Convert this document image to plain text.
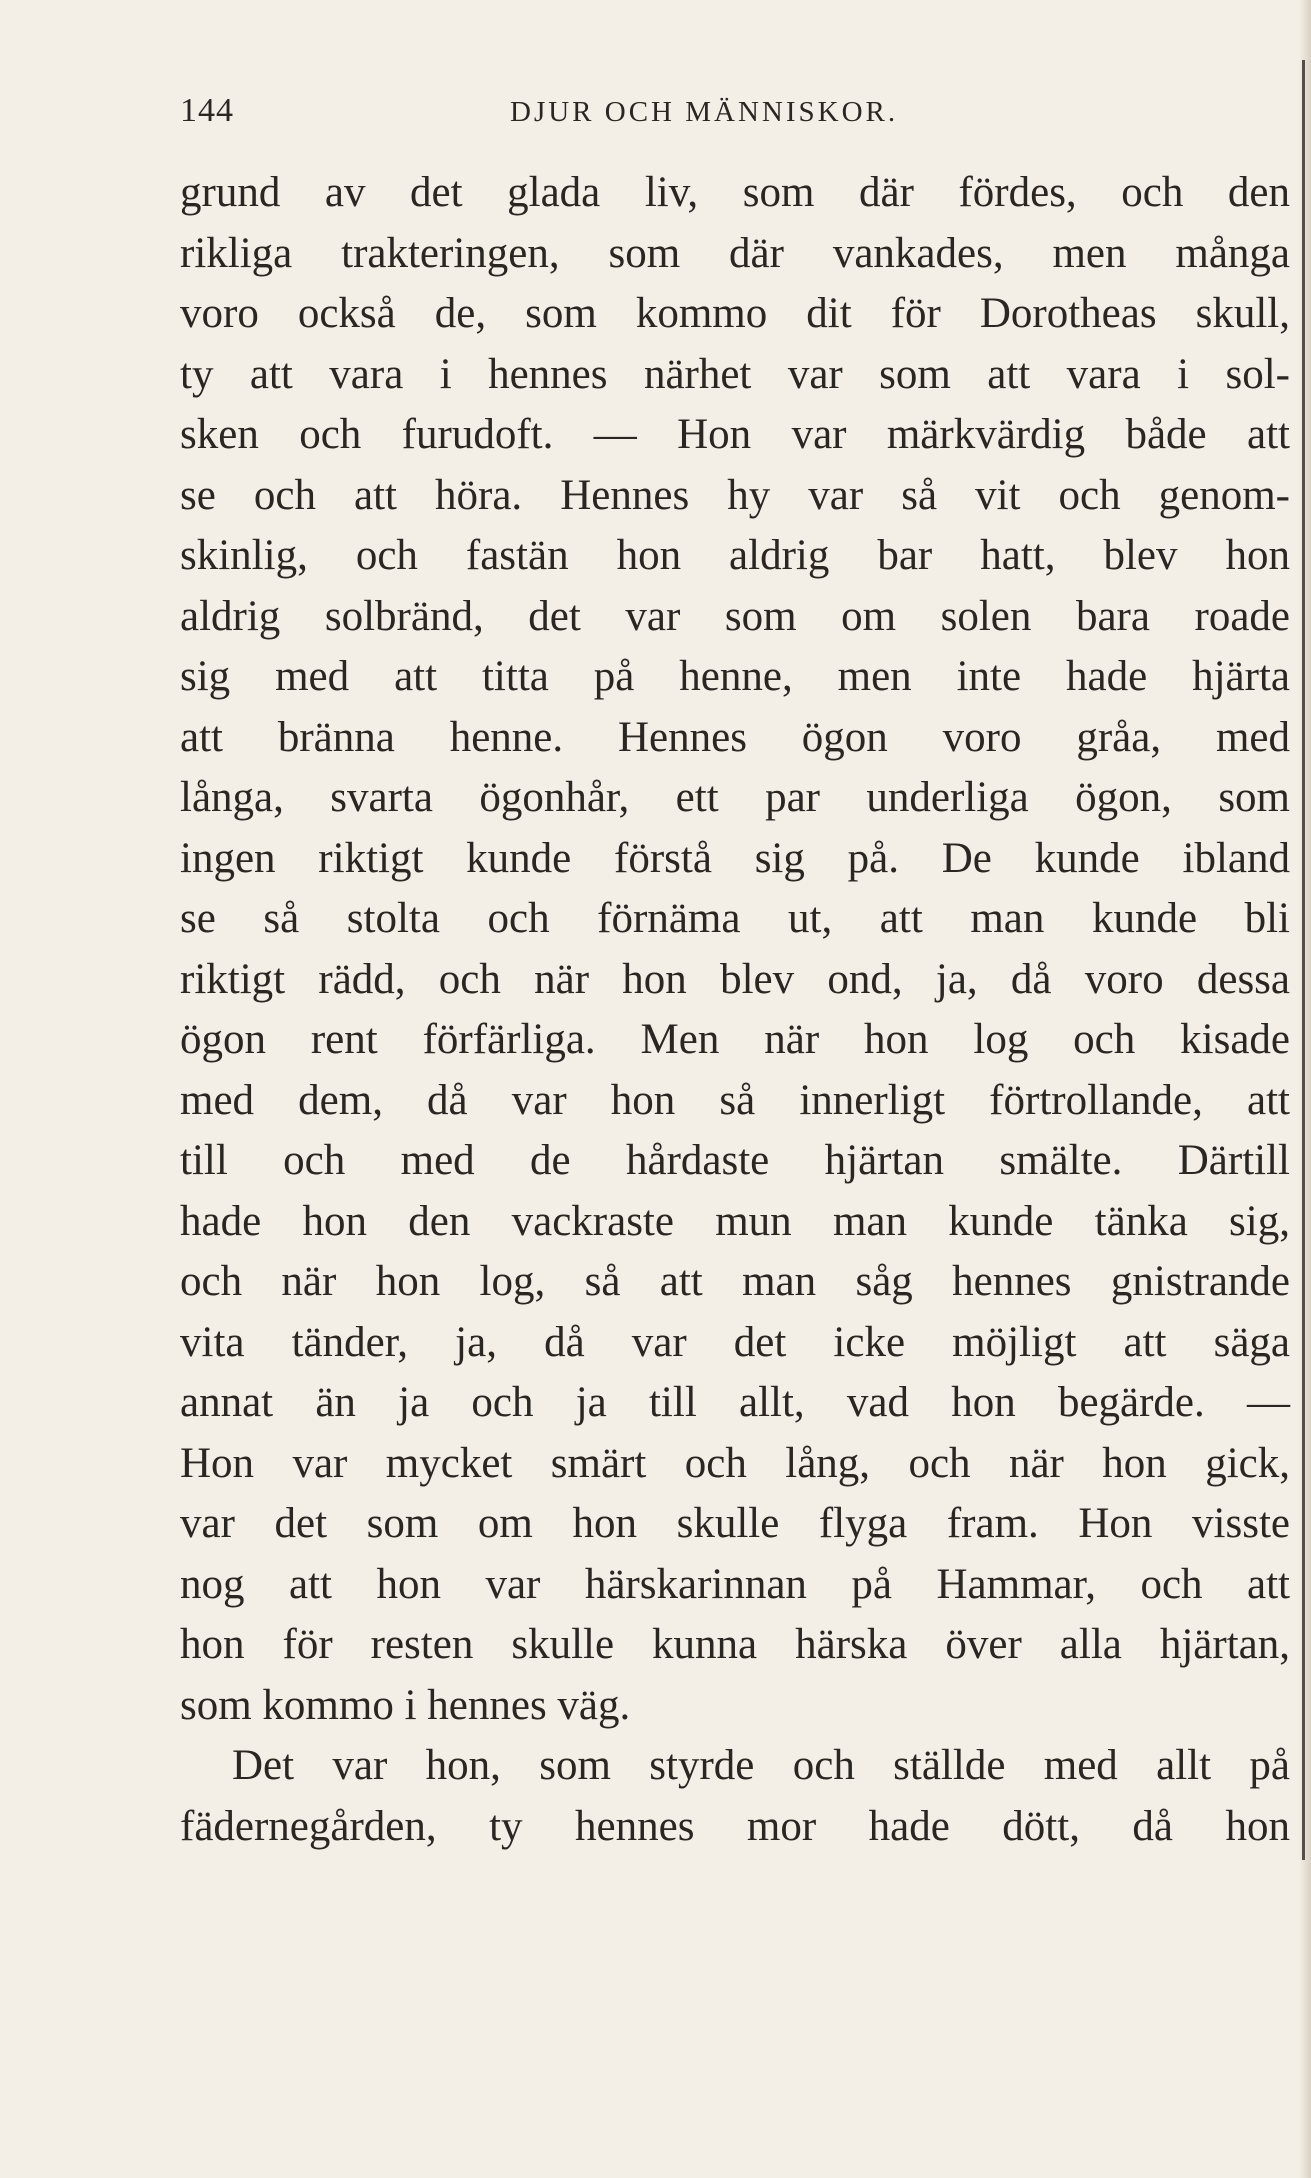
144	DJUR OCH MÄNNISKOR.
grund av det glada liv, som där fördes, och den
rikliga trakteringen, som där vankades, men många
voro också de, som kommo dit för Dorotheas skull,
ty att vara i hennes närhet var som att vara i sol-
sken och furudoft. — Hon var märkvärdig både att
se och att höra. Hennes hy var så vit och genom-
skinlig, och fastän hon aldrig bar hatt, blev hon
aldrig solbränd, det var som om solen bara roade
sig med att titta på henne, men inte hade hjärta
att bränna henne. Hennes ögon voro gråa, med
långa, svarta ögonhår, ett par underliga ögon, som
ingen riktigt kunde förstå sig på. De kunde ibland
se så stolta och förnäma ut, att man kunde bli
riktigt rädd, och när hon blev ond, ja, då voro dessa
ögon rent förfärliga. Men när hon log och kisade
med dem, då var hon så innerligt förtrollande, att
till och med de hårdaste hjärtan smälte. Därtill
hade hon den vackraste mun man kunde tänka sig,
och när hon log, så att man såg hennes gnistrande
vita tänder, ja, då var det icke möjligt att säga
annat än ja och ja till allt, vad hon begärde. —
Hon var mycket smärt och lång, och när hon gick,
var det som om hon skulle flyga fram. Hon visste
nog att hon var härskarinnan på Hammar, och att
hon för resten skulle kunna härska över alla hjärtan,
som kommo i hennes väg.
Det var hon, som styrde och ställde med allt på
fädernegården, ty hennes mor hade dött, då hon
